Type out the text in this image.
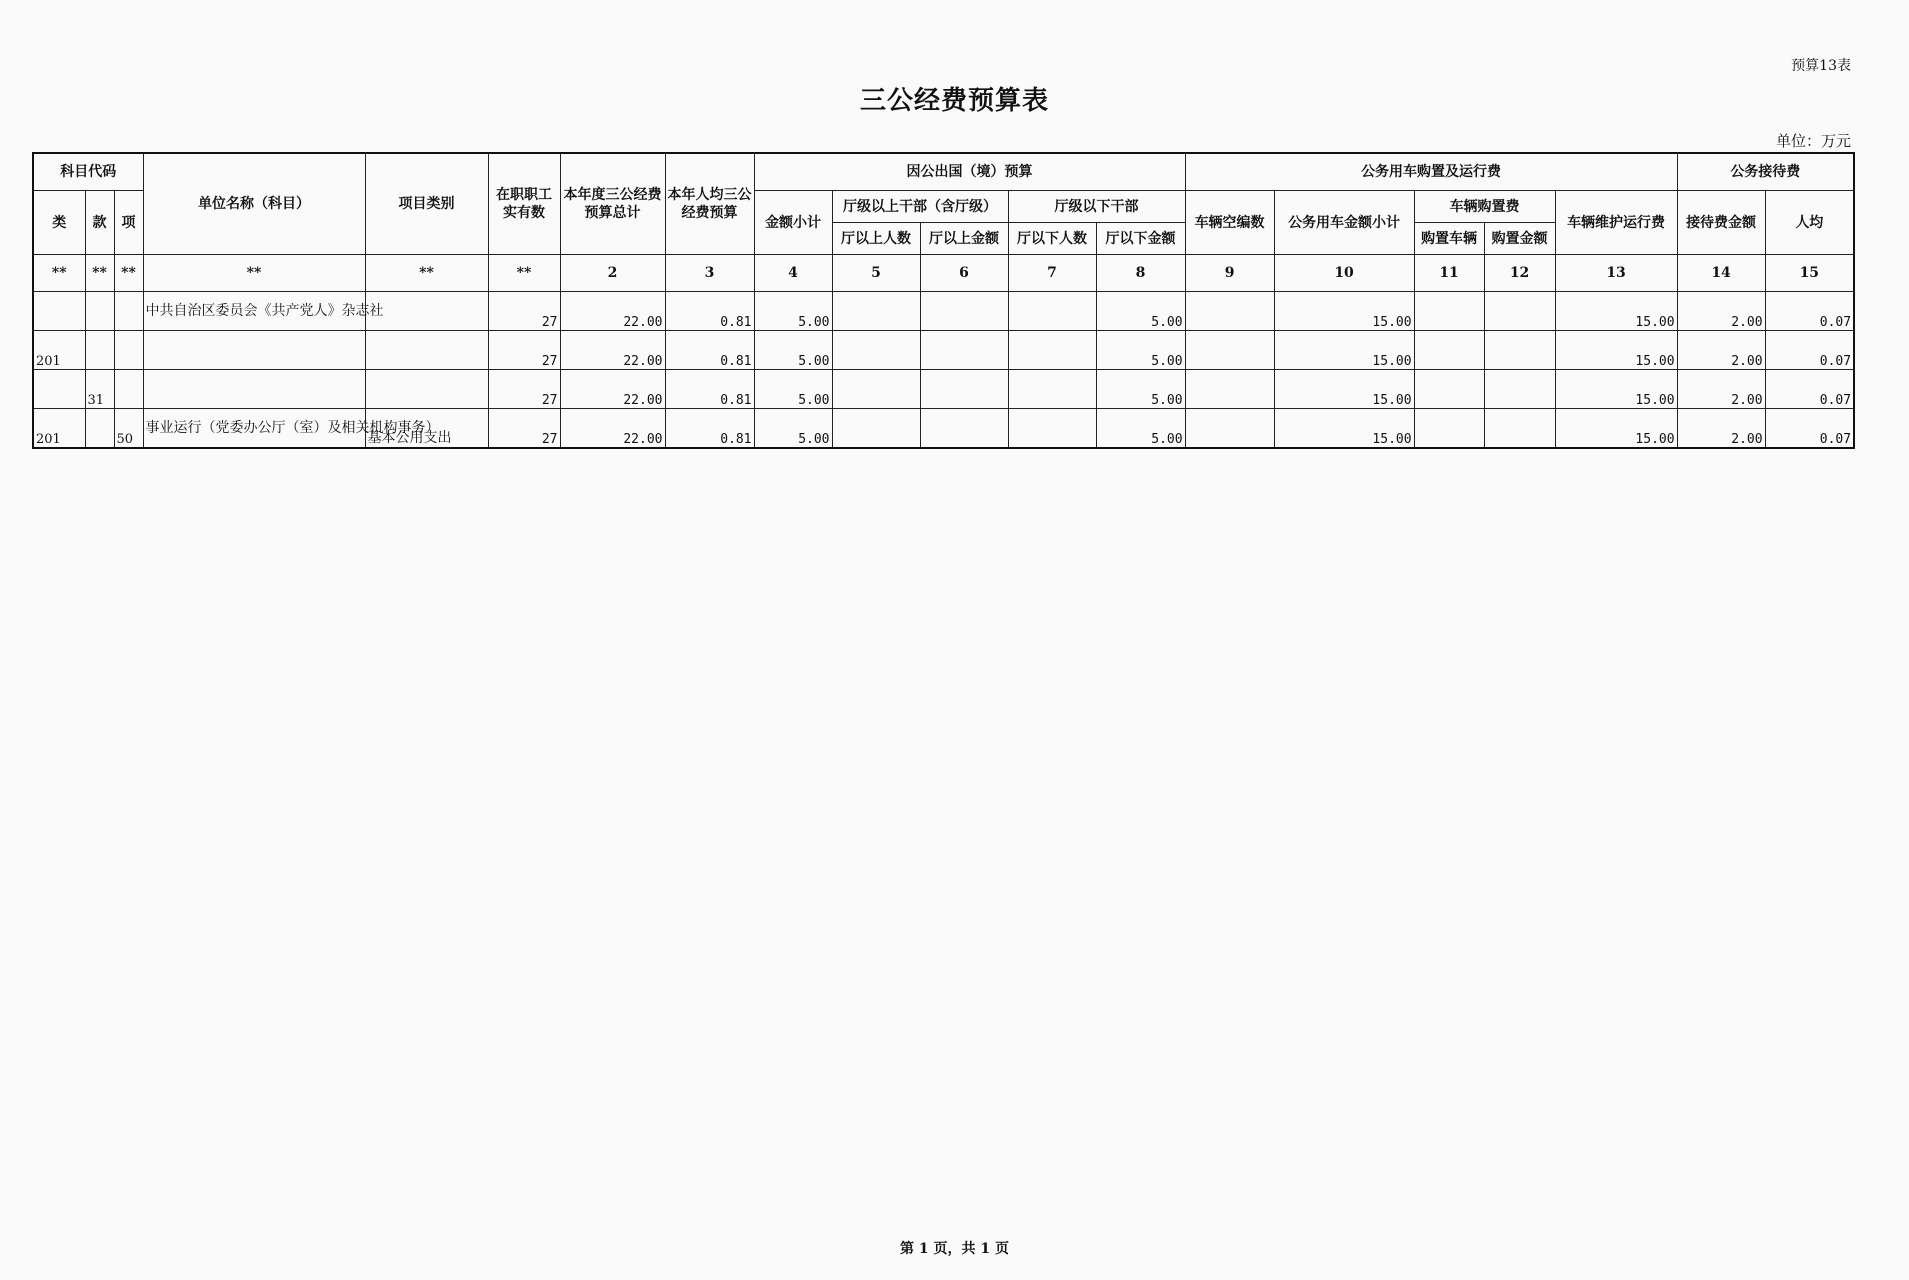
预算13表
三公经费预算表
单位：万元
科目代码			单位名称（科目）	项目类别	在职职工实有数	本年度三公经费预算总计	本年人均三公经费预算	因公出国（境）预算					公务用车购置及运行费					公务接待费	
类	款	项						金额小计	厅级以上干部（含厅级）		厅级以下干部		车辆空编数	公务用车金额小计	车辆购置费		车辆维护运行费	接待费金额	人均
									厅以上人数	厅以上金额	厅以下人数	厅以下金额			购置车辆	购置金额			
**	**	**	**	**	**	2	3	4	5	6	7	8	9	10	11	12	13	14	15
			中共自治区委员会《共产党人》杂志社		27	22.00	0.81	5.00				5.00		15.00			15.00	2.00	0.07
201					27	22.00	0.81	5.00				5.00		15.00			15.00	2.00	0.07
	31				27	22.00	0.81	5.00				5.00		15.00			15.00	2.00	0.07
201		50	事业运行（党委办公厅（室）及相关机构事务）	基本公用支出	27	22.00	0.81	5.00				5.00		15.00			15.00	2.00	0.07
第 1 页，共 1 页
